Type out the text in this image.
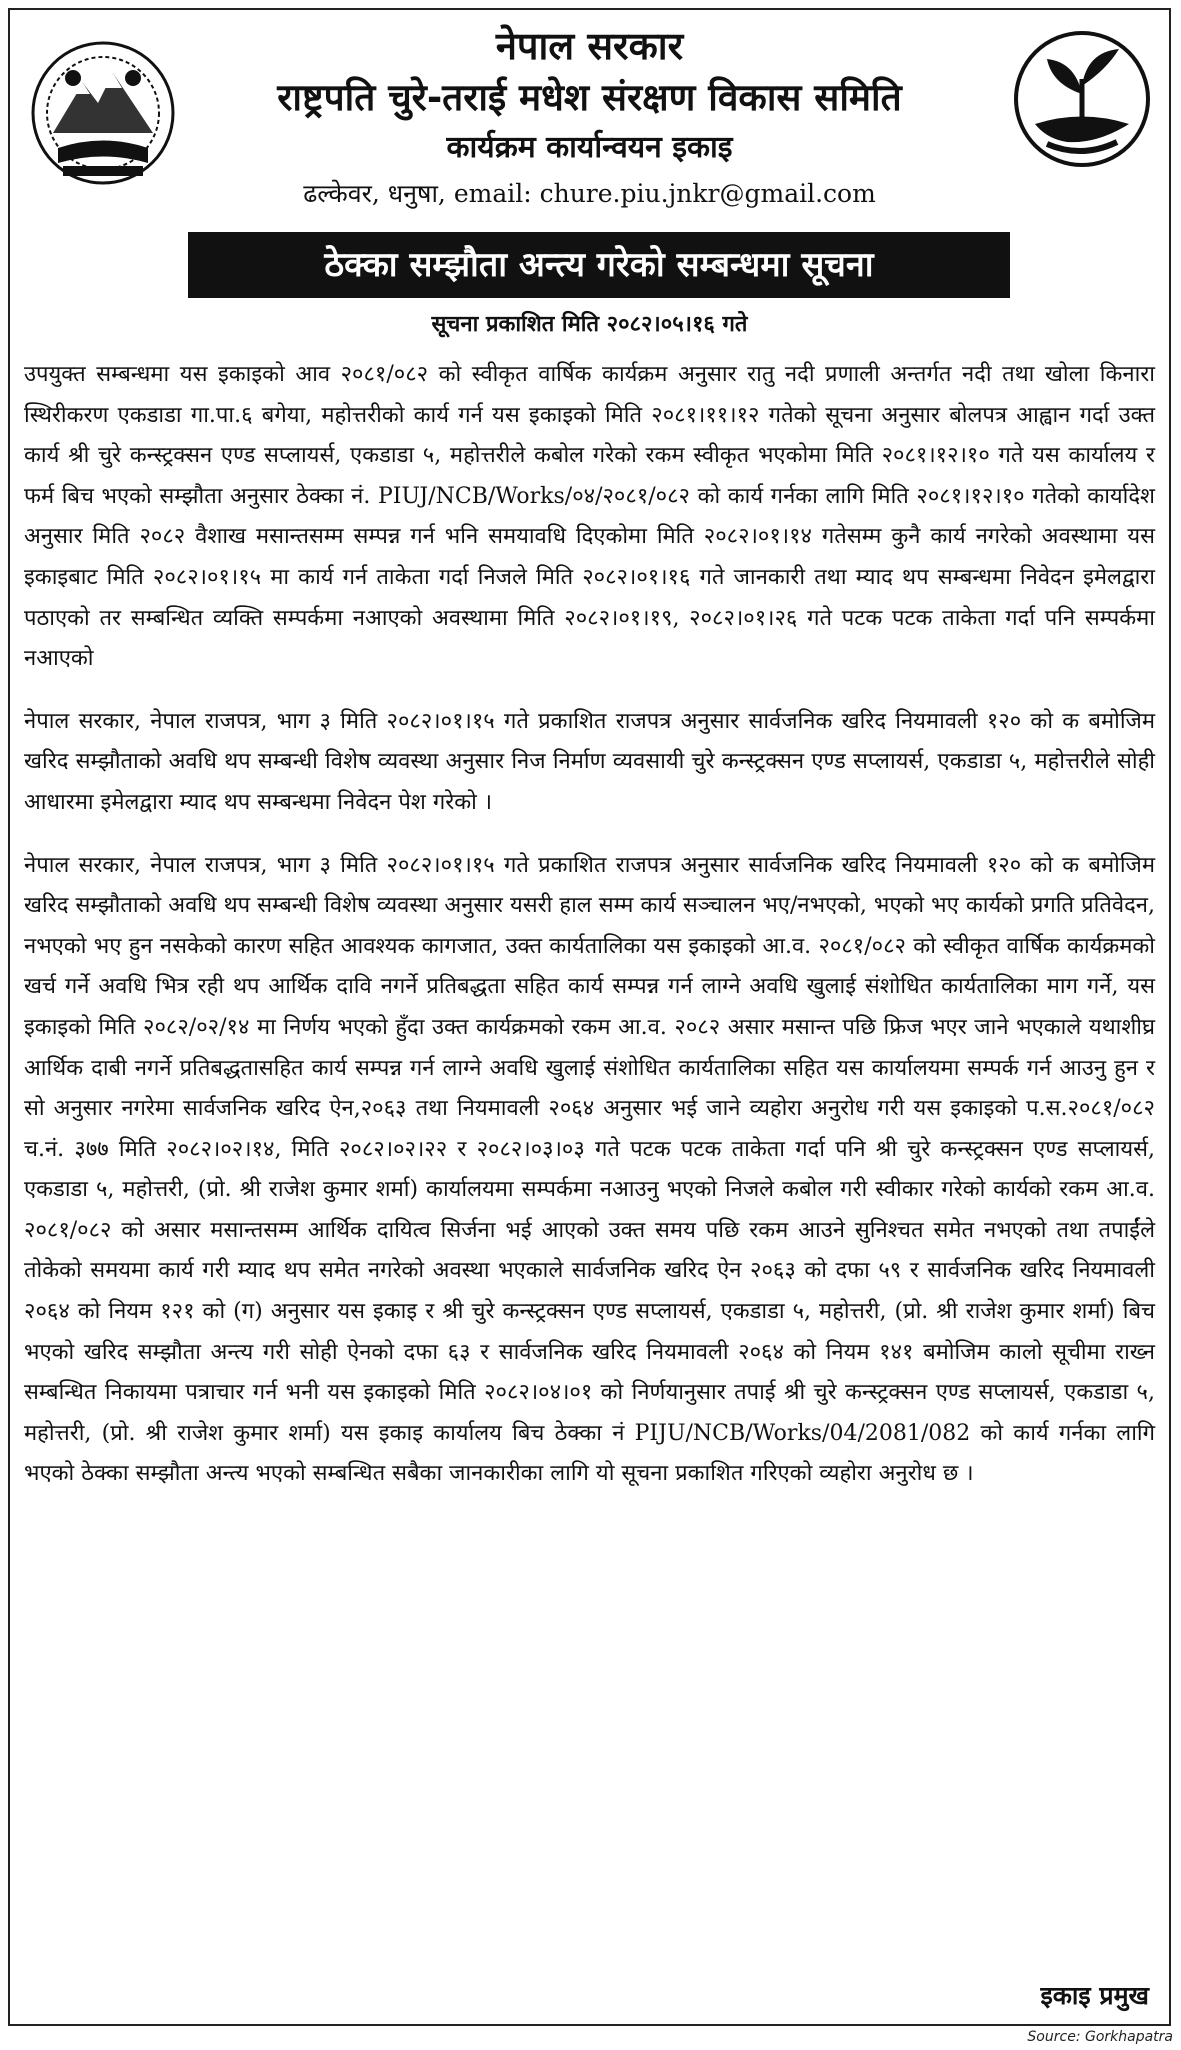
नेपाल सरकार
राष्ट्रपति चुरे-तराई मधेश संरक्षण विकास समिति
कार्यक्रम कार्यान्वयन इकाइ
ढल्केवर, धनुषा, email: chure.piu.jnkr@gmail.com
ठेक्का सम्झौता अन्त्य गरेको सम्बन्धमा सूचना
सूचना प्रकाशित मिति २०८२।०५।१६ गते

उपयुक्त सम्बन्धमा यस इकाइको आव २०८१/०८२ को स्वीकृत वार्षिक कार्यक्रम अनुसार रातु नदी प्रणाली अन्तर्गत नदी तथा खोला किनारा स्थिरीकरण एकडाडा गा.पा.६ बगेया, महोत्तरीको कार्य गर्न यस इकाइको मिति २०८१।११।१२ गतेको सूचना अनुसार बोलपत्र आह्वान गर्दा उक्त कार्य श्री चुरे कन्स्ट्रक्सन एण्ड सप्लायर्स, एकडाडा ५, महोत्तरीले कबोल गरेको रकम स्वीकृत भएकोमा मिति २०८१।१२।१० गते यस कार्यालय र फर्म बिच भएको सम्झौता अनुसार ठेक्का नं. PIUJ/NCB/Works/०४/२०८१/०८२ को कार्य गर्नका लागि मिति २०८१।१२।१० गतेको कार्यादेश अनुसार मिति २०८२ वैशाख मसान्तसम्म सम्पन्न गर्न भनि समयावधि दिएकोमा मिति २०८२।०१।१४ गतेसम्म कुनै कार्य नगरेको अवस्थामा यस इकाइबाट मिति २०८२।०१।१५ मा कार्य गर्न ताकेता गर्दा निजले मिति २०८२।०१।१६ गते जानकारी तथा म्याद थप सम्बन्धमा निवेदन इमेलद्वारा पठाएको तर सम्बन्धित व्यक्ति सम्पर्कमा नआएको अवस्थामा मिति २०८२।०१।१९, २०८२।०१।२६ गते पटक पटक ताकेता गर्दा पनि सम्पर्कमा नआएको

नेपाल सरकार, नेपाल राजपत्र, भाग ३ मिति २०८२।०१।१५ गते प्रकाशित राजपत्र अनुसार सार्वजनिक खरिद नियमावली १२० को क बमोजिम खरिद सम्झौताको अवधि थप सम्बन्धी विशेष व्यवस्था अनुसार निज निर्माण व्यवसायी चुरे कन्स्ट्रक्सन एण्ड सप्लायर्स, एकडाडा ५, महोत्तरीले सोही आधारमा इमेलद्वारा म्याद थप सम्बन्धमा निवेदन पेश गरेको ।

नेपाल सरकार, नेपाल राजपत्र, भाग ३ मिति २०८२।०१।१५ गते प्रकाशित राजपत्र अनुसार सार्वजनिक खरिद नियमावली १२० को क बमोजिम खरिद सम्झौताको अवधि थप सम्बन्धी विशेष व्यवस्था अनुसार यसरी हाल सम्म कार्य सञ्चालन भए/नभएको, भएको भए कार्यको प्रगति प्रतिवेदन, नभएको भए हुन नसकेको कारण सहित आवश्यक कागजात, उक्त कार्यतालिका यस इकाइको आ.व. २०८१/०८२ को स्वीकृत वार्षिक कार्यक्रमको खर्च गर्ने अवधि भित्र रही थप आर्थिक दावि नगर्ने प्रतिबद्धता सहित कार्य सम्पन्न गर्न लाग्ने अवधि खुलाई संशोधित कार्यतालिका माग गर्ने, यस इकाइको मिति २०८२/०२/१४ मा निर्णय भएको हुँदा उक्त कार्यक्रमको रकम आ.व. २०८२ असार मसान्त पछि फ्रिज भएर जाने भएकाले यथाशीघ्र आर्थिक दाबी नगर्ने प्रतिबद्धतासहित कार्य सम्पन्न गर्न लाग्ने अवधि खुलाई संशोधित कार्यतालिका सहित यस कार्यालयमा सम्पर्क गर्न आउनु हुन र सो अनुसार नगरेमा सार्वजनिक खरिद ऐन,२०६३ तथा नियमावली २०६४ अनुसार भई जाने व्यहोरा अनुरोध गरी यस इकाइको प.स.२०८१/०८२ च.नं. ३७७ मिति २०८२।०२।१४, मिति २०८२।०२।२२ र २०८२।०३।०३ गते पटक पटक ताकेता गर्दा पनि श्री चुरे कन्स्ट्रक्सन एण्ड सप्लायर्स, एकडाडा ५, महोत्तरी, (प्रो. श्री राजेश कुमार शर्मा) कार्यालयमा सम्पर्कमा नआउनु भएको निजले कबोल गरी स्वीकार गरेको कार्यको रकम आ.व. २०८१/०८२ को असार मसान्तसम्म आर्थिक दायित्व सिर्जना भई आएको उक्त समय पछि रकम आउने सुनिश्चत समेत नभएको तथा तपाईंले तोकेको समयमा कार्य गरी म्याद थप समेत नगरेको अवस्था भएकाले सार्वजनिक खरिद ऐन २०६३ को दफा ५९ र सार्वजनिक खरिद नियमावली २०६४ को नियम १२१ को (ग) अनुसार यस इकाइ र श्री चुरे कन्स्ट्रक्सन एण्ड सप्लायर्स, एकडाडा ५, महोत्तरी, (प्रो. श्री राजेश कुमार शर्मा) बिच भएको खरिद सम्झौता अन्त्य गरी सोही ऐनको दफा ६३ र सार्वजनिक खरिद नियमावली २०६४ को नियम १४१ बमोजिम कालो सूचीमा राख्न सम्बन्धित निकायमा पत्राचार गर्न भनी यस इकाइको मिति २०८२।०४।०१ को निर्णयानुसार तपाई श्री चुरे कन्स्ट्रक्सन एण्ड सप्लायर्स, एकडाडा ५, महोत्तरी, (प्रो. श्री राजेश कुमार शर्मा) यस इकाइ कार्यालय बिच ठेक्का नं PIJU/NCB/Works/04/2081/082 को कार्य गर्नका लागि भएको ठेक्का सम्झौता अन्त्य भएको सम्बन्धित सबैका जानकारीका लागि यो सूचना प्रकाशित गरिएको व्यहोरा अनुरोध छ ।

इकाइ प्रमुख
Source: Gorkhapatra
